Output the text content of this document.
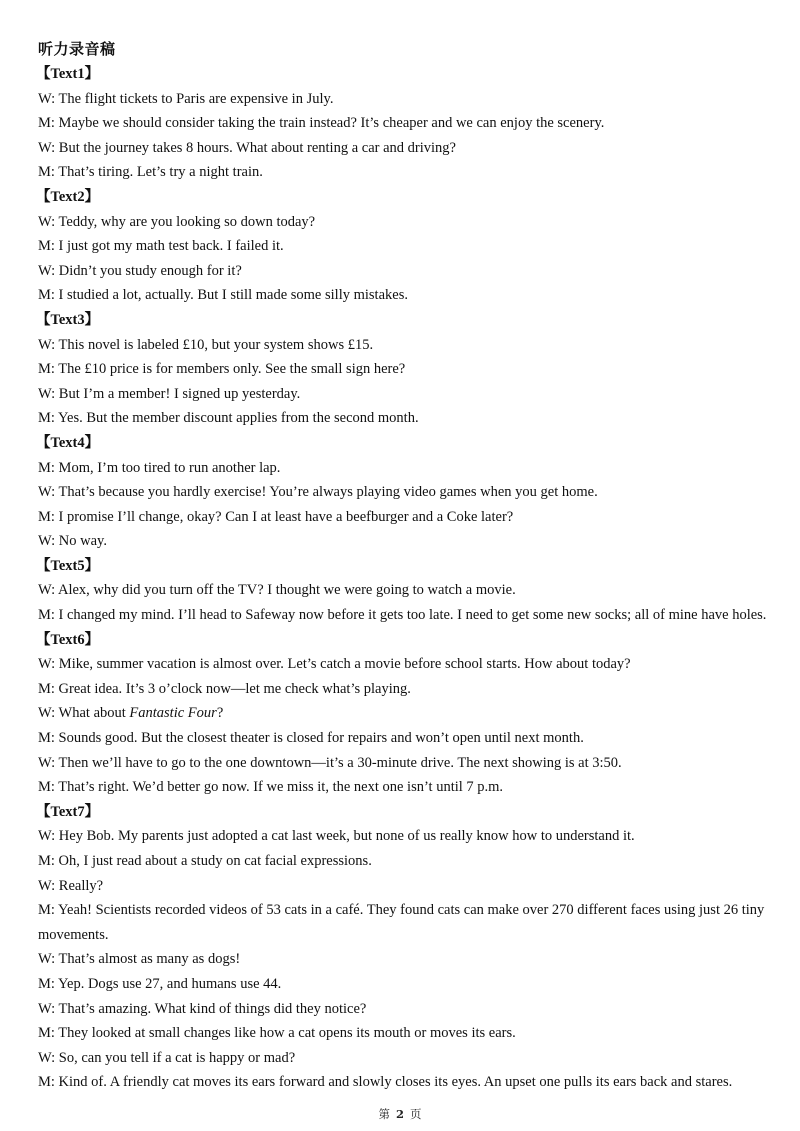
听力录音稿
【Text1】
W: The flight tickets to Paris are expensive in July.
M: Maybe we should consider taking the train instead? It’s cheaper and we can enjoy the scenery.
W: But the journey takes 8 hours. What about renting a car and driving?
M: That’s tiring. Let’s try a night train.
【Text2】
W: Teddy, why are you looking so down today?
M: I just got my math test back. I failed it.
W: Didn’t you study enough for it?
M: I studied a lot, actually. But I still made some silly mistakes.
【Text3】
W: This novel is labeled £10, but your system shows £15.
M: The £10 price is for members only. See the small sign here?
W: But I’m a member! I signed up yesterday.
M: Yes. But the member discount applies from the second month.
【Text4】
M: Mom, I’m too tired to run another lap.
W: That’s because you hardly exercise! You’re always playing video games when you get home.
M: I promise I’ll change, okay? Can I at least have a beefburger and a Coke later?
W: No way.
【Text5】
W: Alex, why did you turn off the TV? I thought we were going to watch a movie.
M: I changed my mind. I’ll head to Safeway now before it gets too late. I need to get some new socks; all of mine have holes.
【Text6】
W: Mike, summer vacation is almost over. Let’s catch a movie before school starts. How about today?
M: Great idea. It’s 3 o’clock now—let me check what’s playing.
W: What about Fantastic Four?
M: Sounds good. But the closest theater is closed for repairs and won’t open until next month.
W: Then we’ll have to go to the one downtown—it’s a 30-minute drive. The next showing is at 3:50.
M: That’s right. We’d better go now. If we miss it, the next one isn’t until 7 p.m.
【Text7】
W: Hey Bob. My parents just adopted a cat last week, but none of us really know how to understand it.
M: Oh, I just read about a study on cat facial expressions.
W: Really?
M: Yeah! Scientists recorded videos of 53 cats in a café. They found cats can make over 270 different faces using just 26 tiny movements.
W: That’s almost as many as dogs!
M: Yep. Dogs use 27, and humans use 44.
W: That’s amazing. What kind of things did they notice?
M: They looked at small changes like how a cat opens its mouth or moves its ears.
W: So, can you tell if a cat is happy or mad?
M: Kind of. A friendly cat moves its ears forward and slowly closes its eyes. An upset one pulls its ears back and stares.
第 2 页
